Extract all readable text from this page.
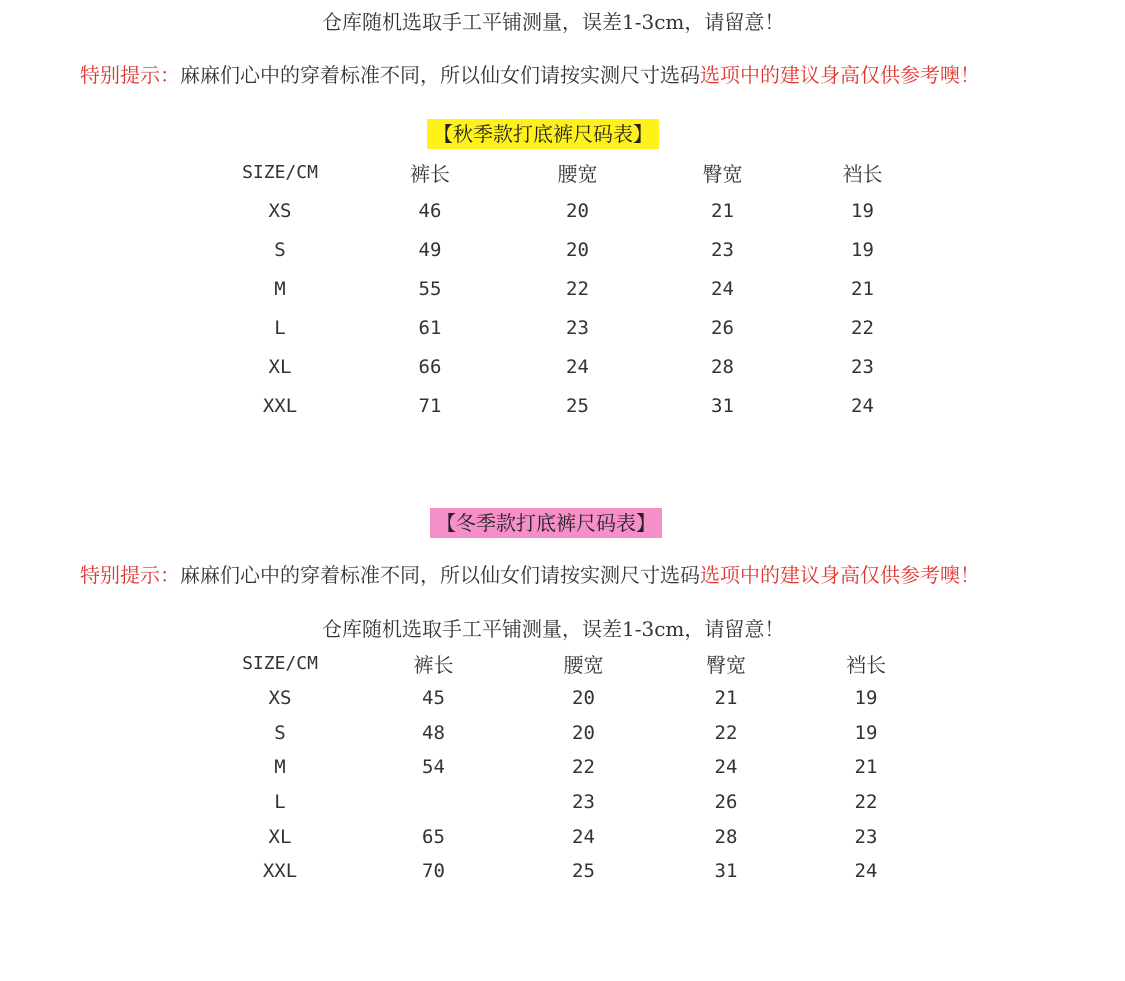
仓库随机选取手工平铺测量，误差1-3cm，请留意！
特别提示：麻麻们心中的穿着标准不同，所以仙女们请按实测尺寸选码选项中的建议身高仅供参考噢！
【秋季款打底裤尺码表】
SIZE/CM	裤长	腰宽	臀宽	裆长
XS	46	20	21	19
S	49	20	23	19
M	55	22	24	21
L	61	23	26	22
XL	66	24	28	23
XXL	71	25	31	24
【冬季款打底裤尺码表】
特别提示：麻麻们心中的穿着标准不同，所以仙女们请按实测尺寸选码选项中的建议身高仅供参考噢！
仓库随机选取手工平铺测量，误差1-3cm，请留意！
SIZE/CM	裤长	腰宽	臀宽	裆长
XS	45	20	21	19
S	48	20	22	19
M	54	22	24	21
L		23	26	22
XL	65	24	28	23
XXL	70	25	31	24
